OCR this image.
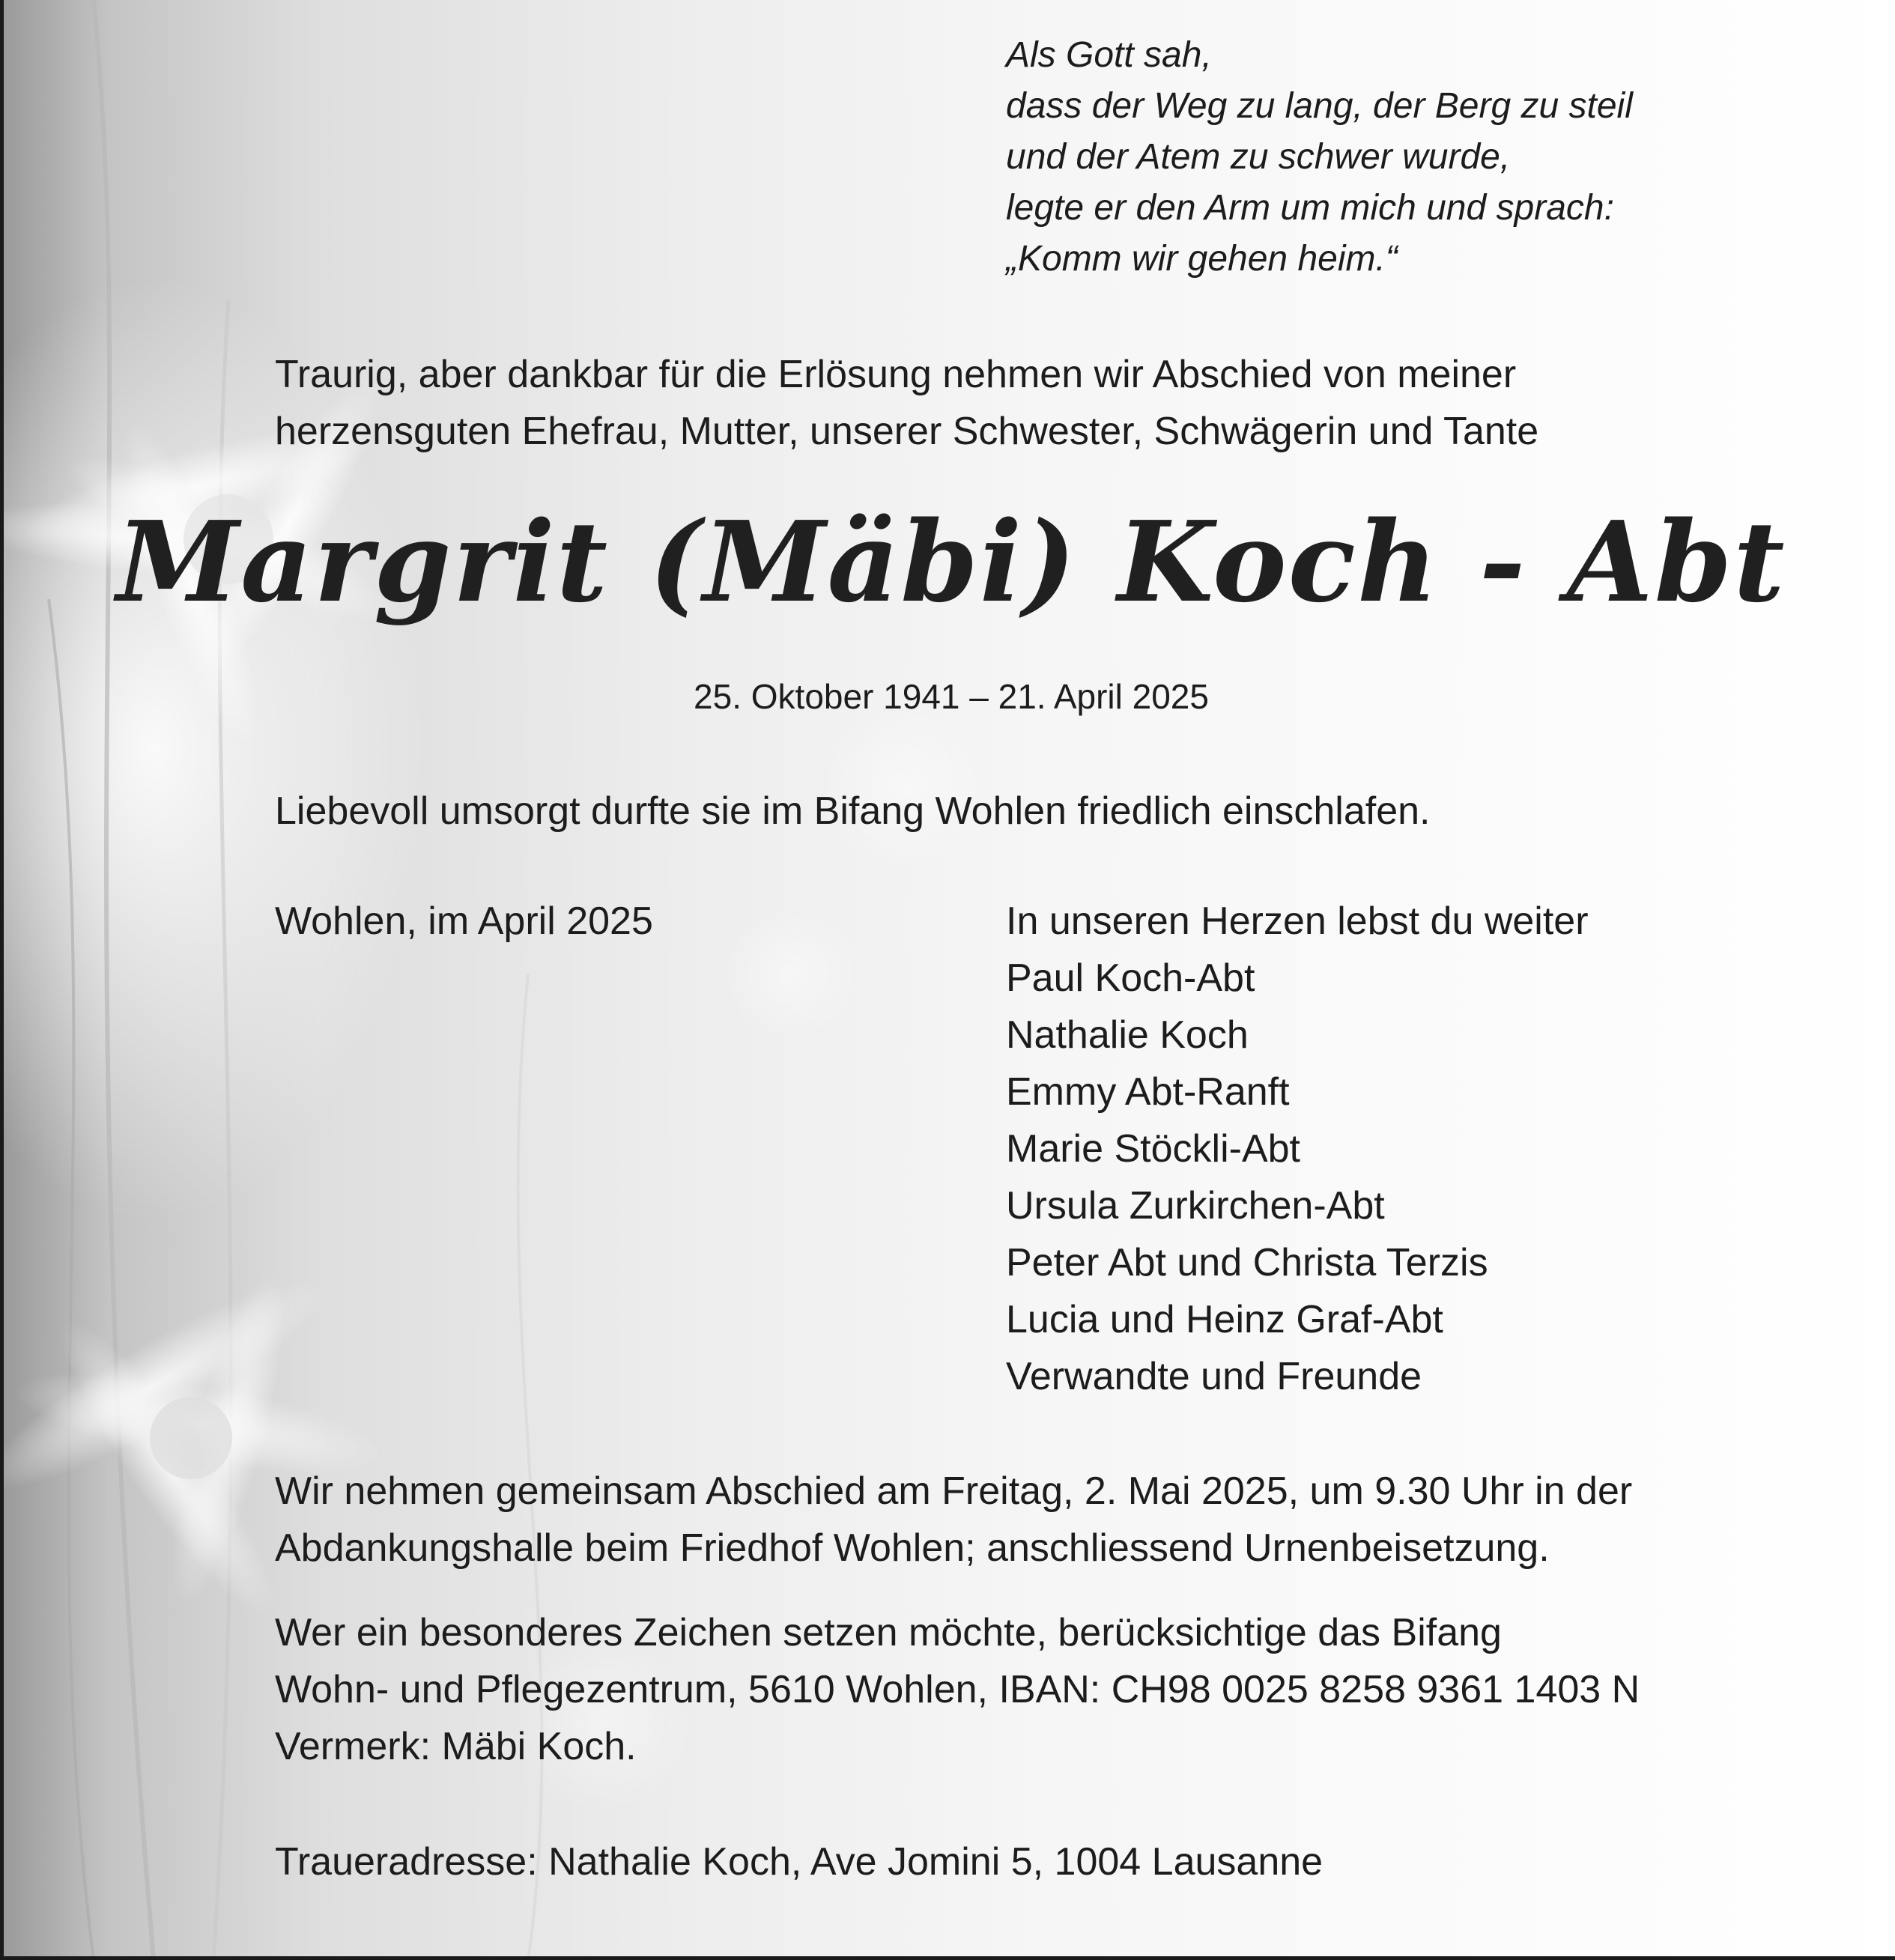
Als Gott sah,
dass der Weg zu lang, der Berg zu steil
und der Atem zu schwer wurde,
legte er den Arm um mich und sprach:
„Komm wir gehen heim.“

Traurig, aber dankbar für die Erlösung nehmen wir Abschied von meiner
herzensguten Ehefrau, Mutter, unserer Schwester, Schwägerin und Tante

Margrit (Mäbi) Koch - Abt

25. Oktober 1941 – 21. April 2025

Liebevoll umsorgt durfte sie im Bifang Wohlen friedlich einschlafen.

Wohlen, im April 2025	In unseren Herzen lebst du weiter
Paul Koch-Abt
Nathalie Koch
Emmy Abt-Ranft
Marie Stöckli-Abt
Ursula Zurkirchen-Abt
Peter Abt und Christa Terzis
Lucia und Heinz Graf-Abt
Verwandte und Freunde

Wir nehmen gemeinsam Abschied am Freitag, 2. Mai 2025, um 9.30 Uhr in der
Abdankungshalle beim Friedhof Wohlen; anschliessend Urnenbeisetzung.

Wer ein besonderes Zeichen setzen möchte, berücksichtige das Bifang
Wohn- und Pflegezentrum, 5610 Wohlen, IBAN: CH98 0025 8258 9361 1403 N
Vermerk: Mäbi Koch.

Traueradresse: Nathalie Koch, Ave Jomini 5, 1004 Lausanne
